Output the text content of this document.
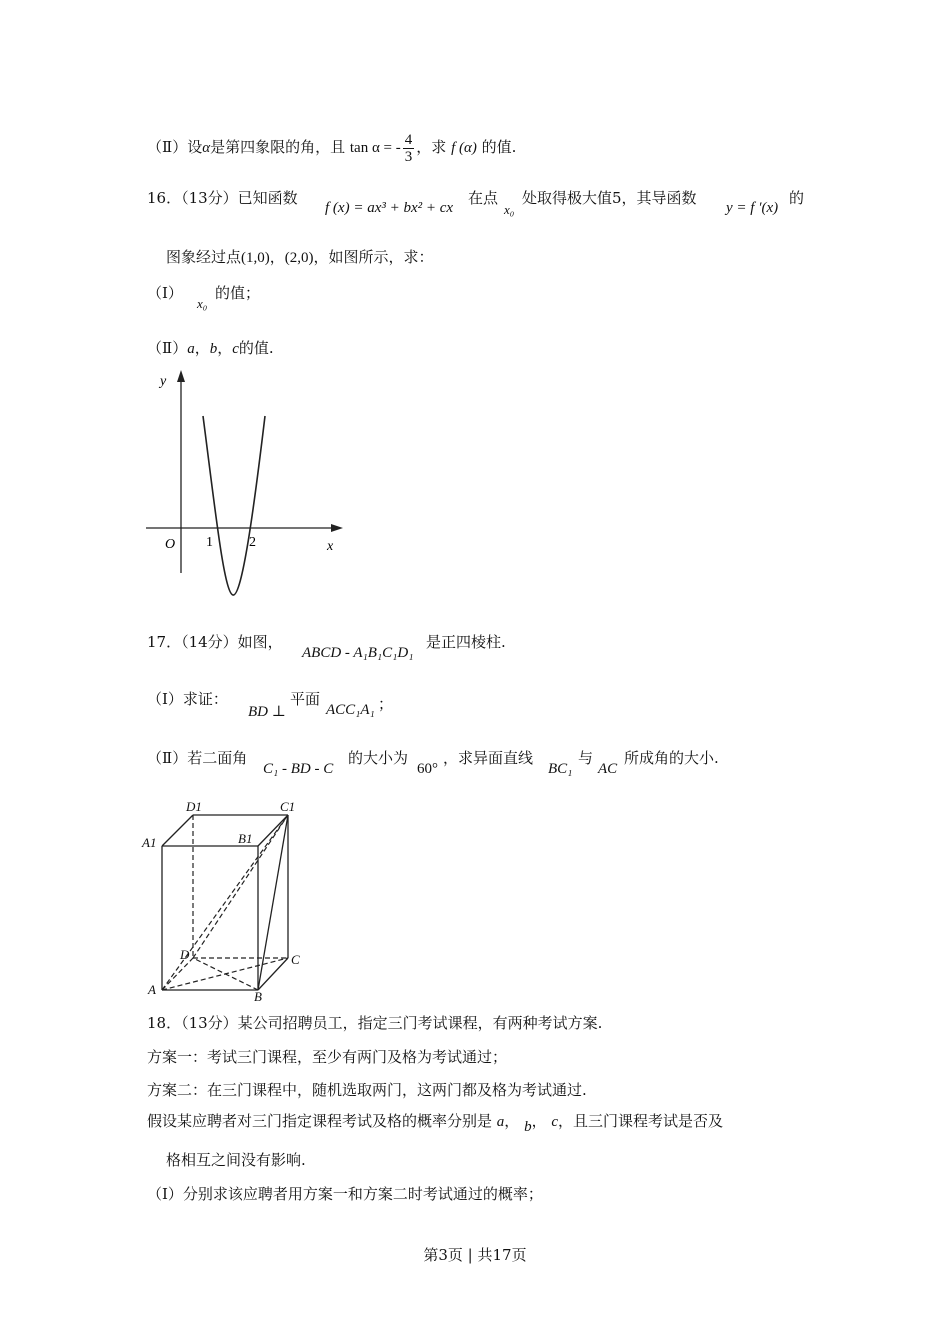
（Ⅱ）设α是第四象限的角，且 tan α = - $\frac{4}{3}$ ，求 f (α) 的值.
16．（13分）已知函数
f (x) = ax³ + bx² + cx
在点
x₀
处取得极大值5，其导函数
y = f ′(x)
的
图象经过点(1,0)，(2,0)，如图所示，求：
（Ⅰ）
x₀
的值；
（Ⅱ）a，b，c的值.
y
O 1	2	x
17．（14分）如图，
ABCD - A₁B₁C₁D₁
是正四棱柱.
（Ⅰ）求证：
BD ⊥
平面
ACC₁A₁ ；
（Ⅱ）若二面角
C₁ - BD - C
的大小为
60°
，求异面直线
BC₁
与
AC
所成角的大小.
D1	C1
A1	B1
D	C
A	B
18．（13分）某公司招聘员工，指定三门考试课程，有两种考试方案.
方案一：考试三门课程，至少有两门及格为考试通过；
方案二：在三门课程中，随机选取两门，这两门都及格为考试通过.
假设某应聘者对三门指定课程考试及格的概率分别是 a， b， c，且三门课程考试是否及
格相互之间没有影响.
（Ⅰ）分别求该应聘者用方案一和方案二时考试通过的概率；
第3页 | 共17页
